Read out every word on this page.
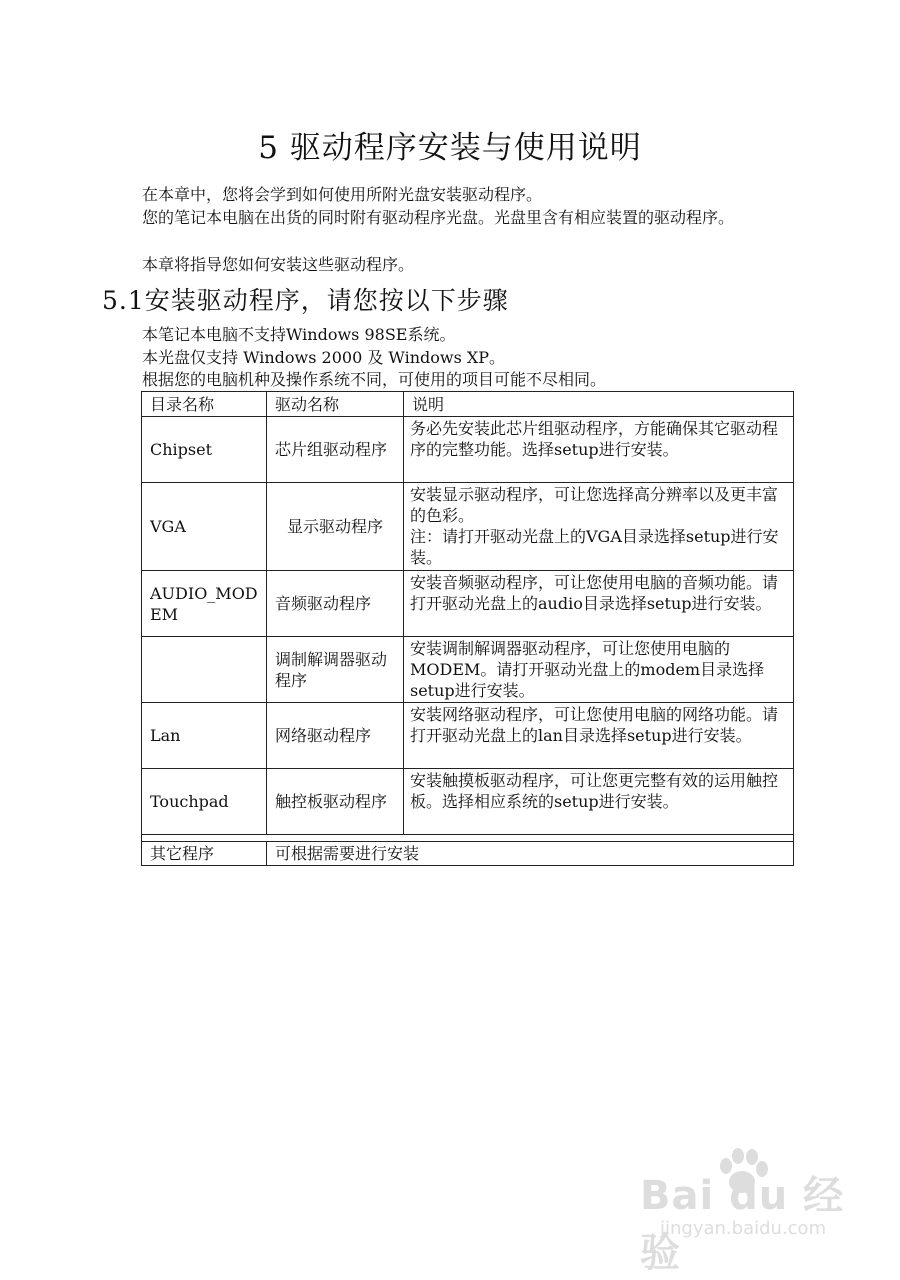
5 驱动程序安装与使用说明
在本章中，您将会学到如何使用所附光盘安装驱动程序。
您的笔记本电脑在出货的同时附有驱动程序光盘。光盘里含有相应装置的驱动程序。
本章将指导您如何安装这些驱动程序。
5.1安装驱动程序，请您按以下步骤
本笔记本电脑不支持Windows 98SE系统。
本光盘仅支持 Windows 2000 及 Windows XP。
根据您的电脑机种及操作系统不同，可使用的项目可能不尽相同。
目录名称	驱动名称	说明
Chipset	芯片组驱动程序	务必先安装此芯片组驱动程序，方能确保其它驱动程序的完整功能。选择setup进行安装。
VGA	显示驱动程序	安装显示驱动程序，可让您选择高分辨率以及更丰富的色彩。
注：请打开驱动光盘上的VGA目录选择setup进行安装。

AUDIO_MODEM	音频驱动程序	安装音频驱动程序，可让您使用电脑的音频功能。请打开驱动光盘上的audio目录选择setup进行安装。
	调制解调器驱动程序	安装调制解调器驱动程序，可让您使用电脑的MODEM。请打开驱动光盘上的modem目录选择setup进行安装。
Lan	网络驱动程序	安装网络驱动程序，可让您使用电脑的网络功能。请打开驱动光盘上的lan目录选择setup进行安装。
Touchpad	触控板驱动程序	安装触摸板驱动程序，可让您更完整有效的运用触控板。选择相应系统的setup进行安装。

其它程序	可根据需要进行安装	
Bai du 经验
jingyan.baidu.com
